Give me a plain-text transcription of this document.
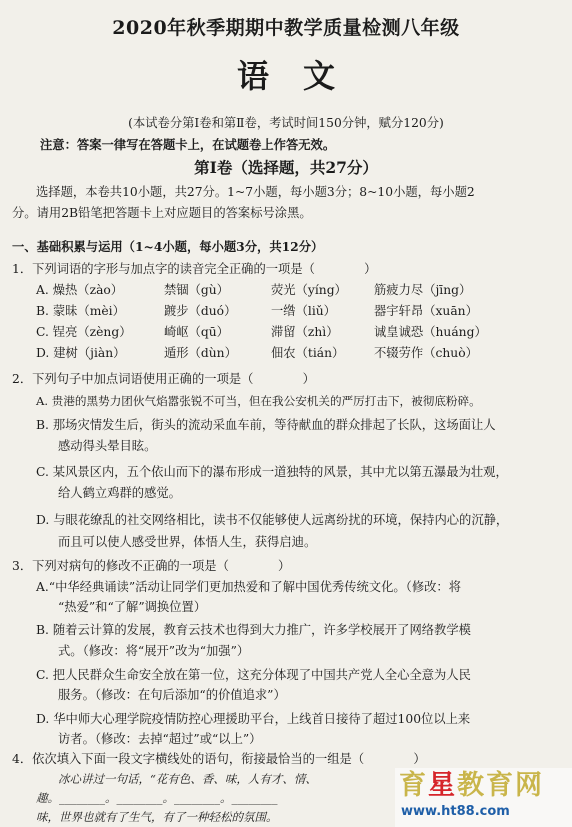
2020年秋季期期中教学质量检测八年级
语文
(本试卷分第Ⅰ卷和第Ⅱ卷，考试时间150分钟，赋分120分)
注意：答案一律写在答题卡上，在试题卷上作答无效。
第Ⅰ卷（选择题，共27分）
选择题，本卷共10小题，共27分。1~7小题，每小题3分；8~10小题，每小题2
分。请用2B铅笔把答题卡上对应题目的答案标号涂黑。
一、基础积累与运用（1~4小题，每小题3分，共12分）
1．下列词语的字形与加点字的读音完全正确的一项是（　　　　）
A. 燥热（zào）	禁锢（gù）	荧光（yíng） 筋疲力尽（jīng）
B. 蒙昧（mèi）	踱步（duó）	一绺（liǔ）	器宇轩昂（xuān）
C. 锃亮（zèng）	崎岖（qū）	滞留（zhì）	诚皇诚恐（huáng）
D. 建树（jiàn）	遁形（dùn）	佃农（tián） 不辍劳作（chuò）
2．下列句子中加点词语使用正确的一项是（　　　　）
A. 贵港的黑势力团伙气焰嚣张锐不可当，但在我公安机关的严厉打击下，被彻底粉碎。
B. 那场灾情发生后，街头的流动采血车前，等待献血的群众排起了长队，这场面让人
感动得头晕目眩。
C. 某风景区内，五个依山而下的瀑布形成一道独特的风景，其中尤以第五瀑最为壮观，
给人鹤立鸡群的感觉。
D. 与眼花缭乱的社交网络相比，读书不仅能够使人远离纷扰的环境，保持内心的沉静，
而且可以使人感受世界，体悟人生，获得启迪。
3．下列对病句的修改不正确的一项是（　　　　）
A.“中华经典诵读”活动让同学们更加热爱和了解中国优秀传统文化。（修改：将
“热爱”和“了解”调换位置）
B. 随着云计算的发展，教育云技术也得到大力推广，许多学校展开了网络教学模
式。（修改：将“展开”改为“加强”）
C. 把人民群众生命安全放在第一位，这充分体现了中国共产党人全心全意为人民
服务。（修改：在句后添加“的价值追求”）
D. 华中师大心理学院疫情防控心理援助平台，上线首日接待了超过100位以上来
访者。（修改：去掉“超过”或“以上”）
4．依次填入下面一段文字横线处的语句，衔接最恰当的一组是（　　　　）
冰心讲过一句话，“花有色、香、味，人有才、情、
趣。________。________。________。________
味，世界也就有了生气，有了一种轻松的氛围。
育星教育网
www.ht88.com
